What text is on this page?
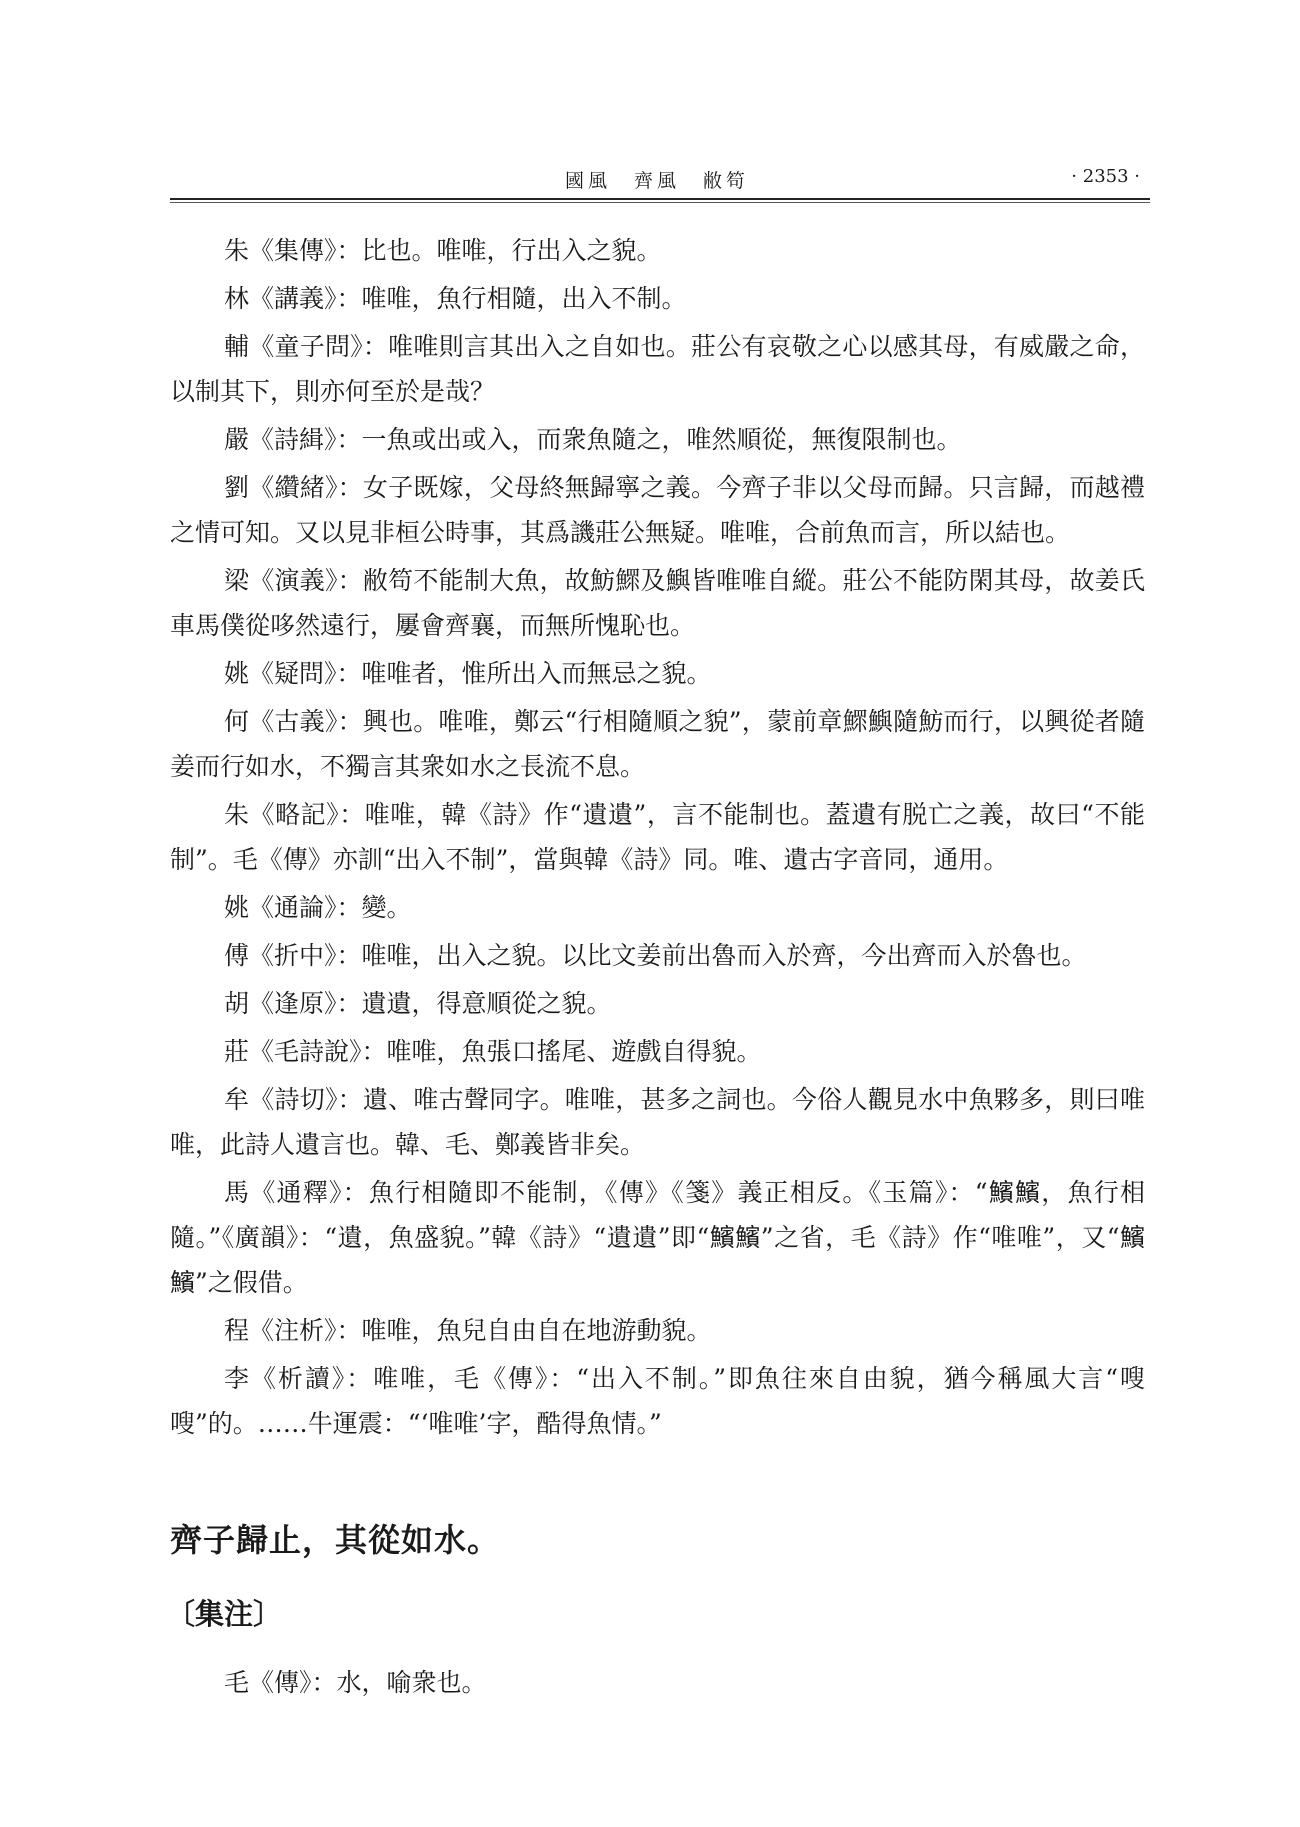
國風　齊風　敝笱	· 2353 ·

朱《集傳》：比也。唯唯，行出入之貌。

林《講義》：唯唯，魚行相隨，出入不制。

輔《童子問》：唯唯則言其出入之自如也。莊公有哀敬之心以感其母，有威嚴之命，以制其下，則亦何至於是哉？

嚴《詩緝》：一魚或出或入，而衆魚隨之，唯然順從，無復限制也。

劉《纘緒》：女子既嫁，父母終無歸寧之義。今齊子非以父母而歸。只言歸，而越禮之情可知。又以見非桓公時事，其爲譏莊公無疑。唯唯，合前魚而言，所以結也。

梁《演義》：敝笱不能制大魚，故魴鰥及鱮皆唯唯自縱。莊公不能防閑其母，故姜氏車馬僕從哆然遠行，屢會齊襄，而無所愧恥也。

姚《疑問》：唯唯者，惟所出入而無忌之貌。

何《古義》：興也。唯唯，鄭云“行相隨順之貌”，蒙前章鰥鱮隨魴而行，以興從者隨姜而行如水，不獨言其衆如水之長流不息。

朱《略記》：唯唯，韓《詩》作“遺遺”，言不能制也。蓋遺有脱亡之義，故曰“不能制”。毛《傳》亦訓“出入不制”，當與韓《詩》同。唯、遺古字音同，通用。

姚《通論》：變。

傅《折中》：唯唯，出入之貌。以比文姜前出魯而入於齊，今出齊而入於魯也。

胡《逢原》：遺遺，得意順從之貌。

莊《毛詩說》：唯唯，魚張口搖尾、遊戲自得貌。

牟《詩切》：遺、唯古聲同字。唯唯，甚多之詞也。今俗人觀見水中魚夥多，則曰唯唯，此詩人遺言也。韓、毛、鄭義皆非矣。

馬《通釋》：魚行相隨即不能制，《傳》《箋》義正相反。《玉篇》：“𩼧𩼧，魚行相隨。”《廣韻》：“遺，魚盛貌。”韓《詩》“遺遺”即“𩼧𩼧”之省，毛《詩》作“唯唯”，又“𩼧𩼧”之假借。

程《注析》：唯唯，魚兒自由自在地游動貌。

李《析讀》：唯唯，毛《傳》：“出入不制。”即魚往來自由貌，猶今稱風大言“嗖嗖”的。……牛運震：“‘唯唯’字，酷得魚情。”

齊子歸止，其從如水。
〔集注〕

毛《傳》：水，喻衆也。
